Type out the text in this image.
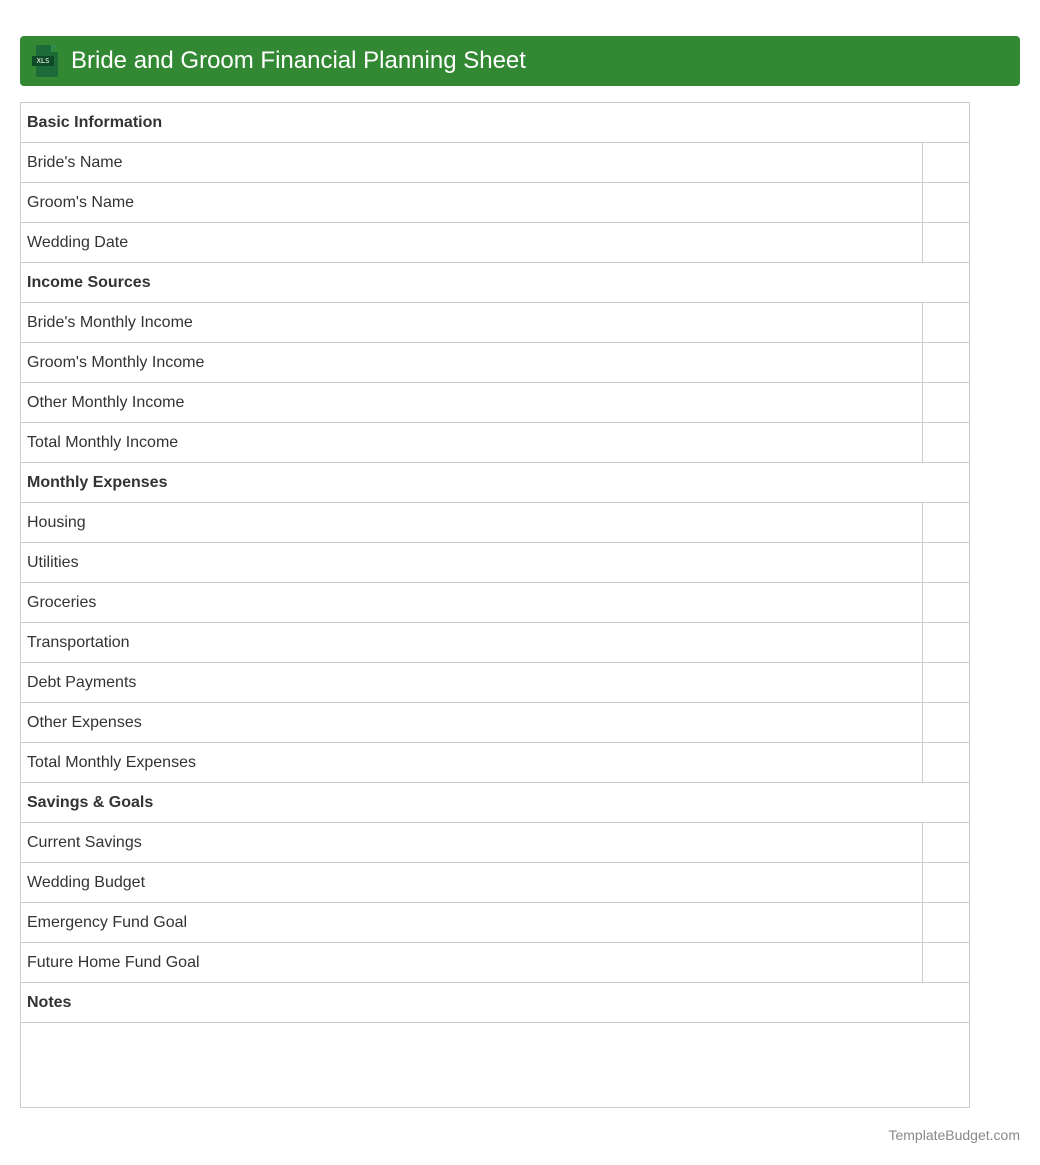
XLS Bride and Groom Financial Planning Sheet
Basic Information	
Bride's Name	
Groom's Name	
Wedding Date	
Income Sources	
Bride's Monthly Income	
Groom's Monthly Income	
Other Monthly Income	
Total Monthly Income	
Monthly Expenses	
Housing	
Utilities	
Groceries	
Transportation	
Debt Payments	
Other Expenses	
Total Monthly Expenses	
Savings & Goals	
Current Savings	
Wedding Budget	
Emergency Fund Goal	
Future Home Fund Goal	
Notes	

TemplateBudget.com
